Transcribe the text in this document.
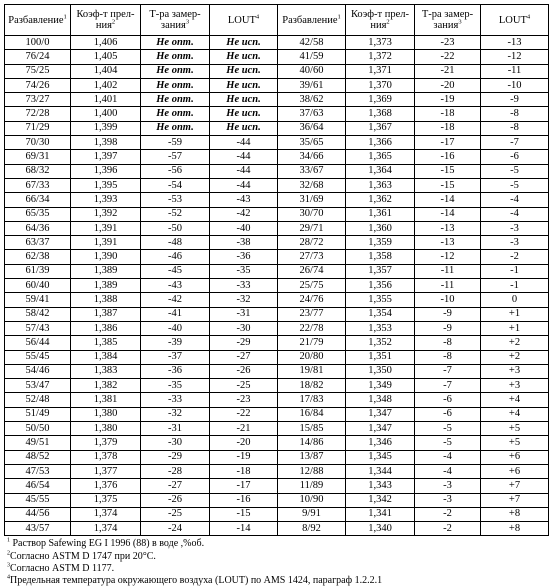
Разбавление$^1$	Коэф-т прел-ния$^2$	Т-ра замер-зания$^3$	LOUT$^4$	Разбавление$^1$	Коэф-т прел-ния$^2$	Т-ра замер-зания$^3$	LOUT$^4$
100/0	1,406	Не опт.	Не исп.	42/58	1,373	-23	-13
76/24	1,405	Не опт.	Не исп.	41/59	1,372	-22	-12
75/25	1,404	Не опт.	Не исп.	40/60	1,371	-21	-11
74/26	1,402	Не опт.	Не исп.	39/61	1,370	-20	-10
73/27	1,401	Не опт.	Не исп.	38/62	1,369	-19	-9
72/28	1,400	Не опт.	Не исп.	37/63	1,368	-18	-8
71/29	1,399	Не опт.	Не исп.	36/64	1,367	-18	-8
70/30	1,398	-59	-44	35/65	1,366	-17	-7
69/31	1,397	-57	-44	34/66	1,365	-16	-6
68/32	1,396	-56	-44	33/67	1,364	-15	-5
67/33	1,395	-54	-44	32/68	1,363	-15	-5
66/34	1,393	-53	-43	31/69	1,362	-14	-4
65/35	1,392	-52	-42	30/70	1,361	-14	-4
64/36	1,391	-50	-40	29/71	1,360	-13	-3
63/37	1,391	-48	-38	28/72	1,359	-13	-3
62/38	1,390	-46	-36	27/73	1,358	-12	-2
61/39	1,389	-45	-35	26/74	1,357	-11	-1
60/40	1,389	-43	-33	25/75	1,356	-11	-1
59/41	1,388	-42	-32	24/76	1,355	-10	0
58/42	1,387	-41	-31	23/77	1,354	-9	+1
57/43	1,386	-40	-30	22/78	1,353	-9	+1
56/44	1,385	-39	-29	21/79	1,352	-8	+2
55/45	1,384	-37	-27	20/80	1,351	-8	+2
54/46	1,383	-36	-26	19/81	1,350	-7	+3
53/47	1,382	-35	-25	18/82	1,349	-7	+3
52/48	1,381	-33	-23	17/83	1,348	-6	+4
51/49	1,380	-32	-22	16/84	1,347	-6	+4
50/50	1,380	-31	-21	15/85	1,347	-5	+5
49/51	1,379	-30	-20	14/86	1,346	-5	+5
48/52	1,378	-29	-19	13/87	1,345	-4	+6
47/53	1,377	-28	-18	12/88	1,344	-4	+6
46/54	1,376	-27	-17	11/89	1,343	-3	+7
45/55	1,375	-26	-16	10/90	1,342	-3	+7
44/56	1,374	-25	-15	9/91	1,341	-2	+8
43/57	1,374	-24	-14	8/92	1,340	-2	+8
$^1$ Раствор Safewing EG I 1996 (88) в воде ,%об.
$^2$Согласно ASTM D 1747 при 20°C.
$^3$Согласно ASTM D 1177.
$^4$Предельная температура окружающего воздуха (LOUT) по AMS 1424, параграф 1.2.2.1
